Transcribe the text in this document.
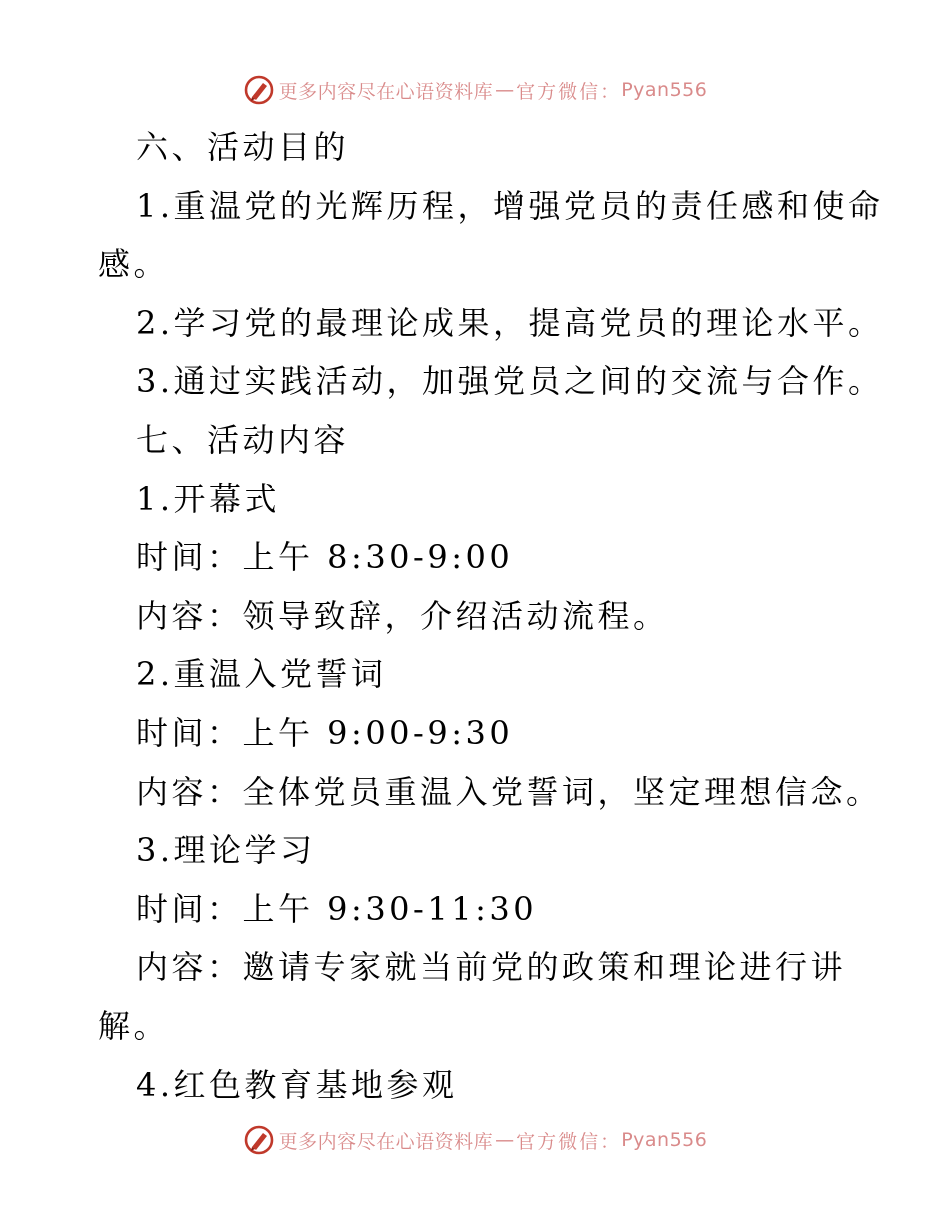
更多内容尽在心语资料库 — 官方微信： Pyan556
六、活动目的
1.重温党的光辉历程，增强党员的责任感和使命
感。
2.学习党的最理论成果，提高党员的理论水平。
3.通过实践活动，加强党员之间的交流与合作。
七、活动内容
1.开幕式
时间：上午 8:30-9:00
内容：领导致辞，介绍活动流程。
2.重温入党誓词
时间：上午 9:00-9:30
内容：全体党员重温入党誓词，坚定理想信念。
3.理论学习
时间：上午 9:30-11:30
内容：邀请专家就当前党的政策和理论进行讲
解。
4.红色教育基地参观
更多内容尽在心语资料库 — 官方微信： Pyan556
